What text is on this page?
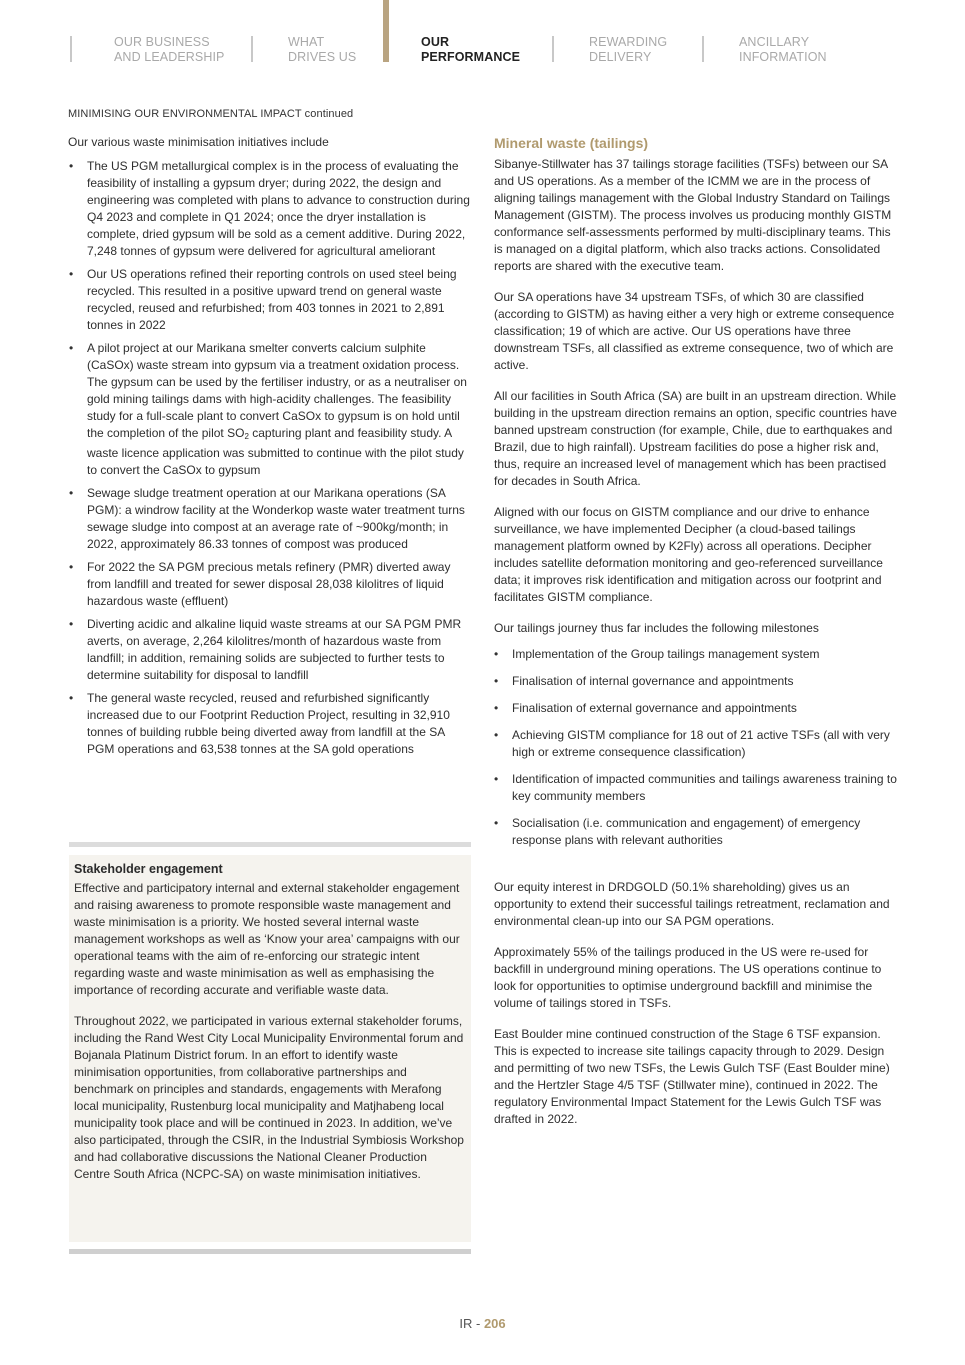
OUR BUSINESS
AND LEADERSHIP
WHAT
DRIVES US
OUR
PERFORMANCE
REWARDING
DELIVERY
ANCILLARY
INFORMATION
MINIMISING OUR ENVIRONMENTAL IMPACT continued

Our various waste minimisation initiatives include

• The US PGM metallurgical complex is in the process of evaluating the feasibility of installing a gypsum dryer; during 2022, the design and engineering was completed with plans to advance to construction during Q4 2023 and complete in Q1 2024; once the dryer installation is complete, dried gypsum will be sold as a cement additive. During 2022, 7,248 tonnes of gypsum were delivered for agricultural ameliorant
• Our US operations refined their reporting controls on used steel being recycled. This resulted in a positive upward trend on general waste recycled, reused and refurbished; from 403 tonnes in 2021 to 2,891 tonnes in 2022
• A pilot project at our Marikana smelter converts calcium sulphite (CaSOx) waste stream into gypsum via a treatment oxidation process. The gypsum can be used by the fertiliser industry, or as a neutraliser on gold mining tailings dams with high-acidity challenges. The feasibility study for a full-scale plant to convert CaSOx to gypsum is on hold until the completion of the pilot $SO_2$ capturing plant and feasibility study. A waste licence application was submitted to continue with the pilot study to convert the CaSOx to gypsum
• Sewage sludge treatment operation at our Marikana operations (SA PGM): a windrow facility at the Wonderkop waste water treatment turns sewage sludge into compost at an average rate of ~900kg/month; in 2022, approximately 86.33 tonnes of compost was produced
• For 2022 the SA PGM precious metals refinery (PMR) diverted away from landfill and treated for sewer disposal 28,038 kilolitres of liquid hazardous waste (effluent)
• Diverting acidic and alkaline liquid waste streams at our SA PGM PMR averts, on average, 2,264 kilolitres/month of hazardous waste from landfill; in addition, remaining solids are subjected to further tests to determine suitability for disposal to landfill
• The general waste recycled, reused and refurbished significantly increased due to our Footprint Reduction Project, resulting in 32,910 tonnes of building rubble being diverted away from landfill at the SA PGM operations and 63,538 tonnes at the SA gold operations
Stakeholder engagement

Effective and participatory internal and external stakeholder engagement and raising awareness to promote responsible waste management and waste minimisation is a priority. We hosted several internal waste management workshops as well as ‘Know your area’ campaigns with our operational teams with the aim of re-enforcing our strategic intent regarding waste and waste minimisation as well as emphasising the importance of recording accurate and verifiable waste data.

Throughout 2022, we participated in various external stakeholder forums, including the Rand West City Local Municipality Environmental forum and Bojanala Platinum District forum. In an effort to identify waste minimisation opportunities, from collaborative partnerships and benchmark on principles and standards, engagements with Merafong local municipality, Rustenburg local municipality and Matjhabeng local municipality took place and will be continued in 2023. In addition, we’ve also participated, through the CSIR, in the Industrial Symbiosis Workshop and had collaborative discussions the National Cleaner Production Centre South Africa (NCPC-SA) on waste minimisation initiatives.

Mineral waste (tailings)

Sibanye-Stillwater has 37 tailings storage facilities (TSFs) between our SA and US operations. As a member of the ICMM we are in the process of aligning tailings management with the Global Industry Standard on Tailings Management (GISTM). The process involves us producing monthly GISTM conformance self-assessments performed by multi-disciplinary teams. This is managed on a digital platform, which also tracks actions. Consolidated reports are shared with the executive team.

Our SA operations have 34 upstream TSFs, of which 30 are classified (according to GISTM) as having either a very high or extreme consequence classification; 19 of which are active. Our US operations have three downstream TSFs, all classified as extreme consequence, two of which are active.

All our facilities in South Africa (SA) are built in an upstream direction. While building in the upstream direction remains an option, specific countries have banned upstream construction (for example, Chile, due to earthquakes and Brazil, due to high rainfall). Upstream facilities do pose a higher risk and, thus, require an increased level of management which has been practised for decades in South Africa.

Aligned with our focus on GISTM compliance and our drive to enhance surveillance, we have implemented Decipher (a cloud-based tailings management platform owned by K2Fly) across all operations. Decipher includes satellite deformation monitoring and geo-referenced surveillance data; it improves risk identification and mitigation across our footprint and facilitates GISTM compliance.

Our tailings journey thus far includes the following milestones

• Implementation of the Group tailings management system
• Finalisation of internal governance and appointments
• Finalisation of external governance and appointments
• Achieving GISTM compliance for 18 out of 21 active TSFs (all with very high or extreme consequence classification)
• Identification of impacted communities and tailings awareness training to key community members
• Socialisation (i.e. communication and engagement) of emergency response plans with relevant authorities

Our equity interest in DRDGOLD (50.1% shareholding) gives us an opportunity to extend their successful tailings retreatment, reclamation and environmental clean-up into our SA PGM operations.

Approximately 55% of the tailings produced in the US were re-used for backfill in underground mining operations. The US operations continue to look for opportunities to optimise underground backfill and minimise the volume of tailings stored in TSFs.

East Boulder mine continued construction of the Stage 6 TSF expansion. This is expected to increase site tailings capacity through to 2029. Design and permitting of two new TSFs, the Lewis Gulch TSF (East Boulder mine) and the Hertzler Stage 4/5 TSF (Stillwater mine), continued in 2022. The regulatory Environmental Impact Statement for the Lewis Gulch TSF was drafted in 2022.

IR - 206
